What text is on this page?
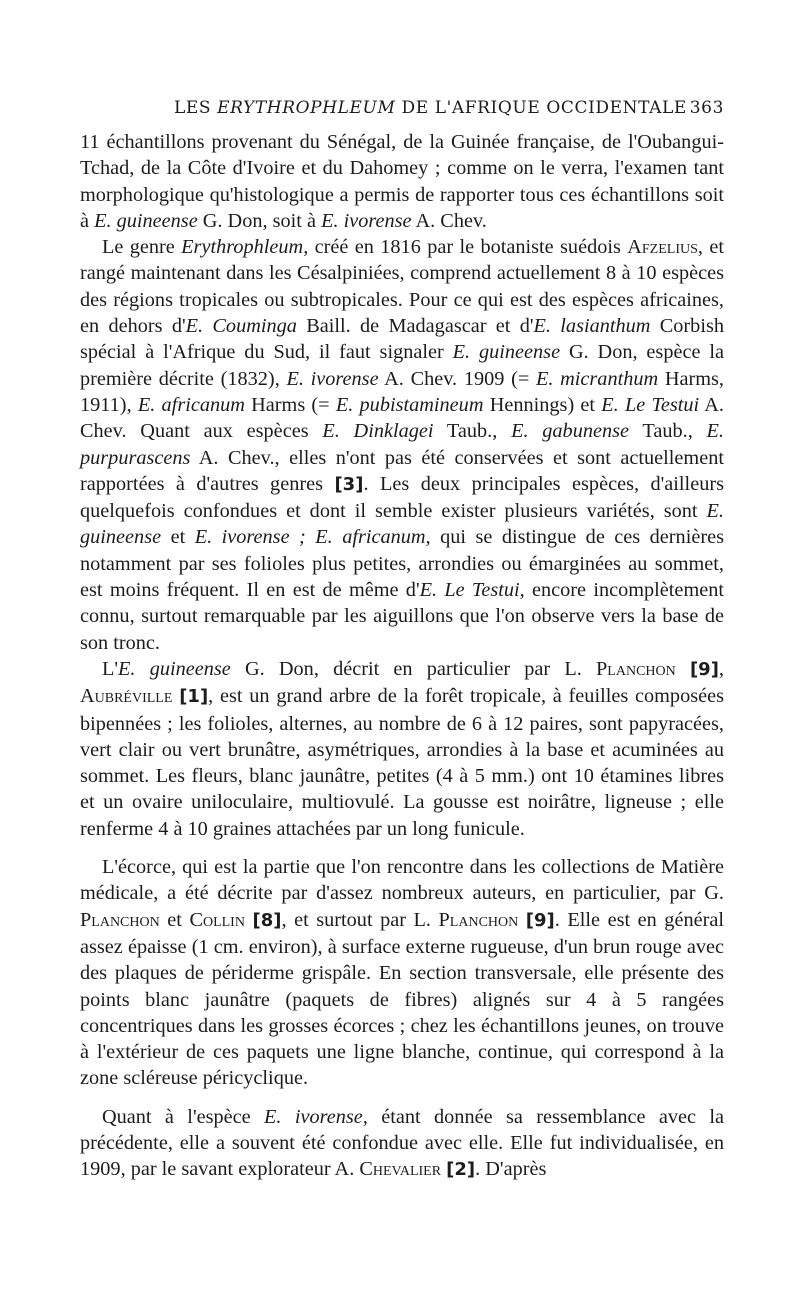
LES ERYTHROPHLEUM DE L'AFRIQUE OCCIDENTALE 363

11 échantillons provenant du Sénégal, de la Guinée française, de l'Oubangui-Tchad, de la Côte d'Ivoire et du Dahomey ; comme on le verra, l'examen tant morphologique qu'histologique a permis de rapporter tous ces échantillons soit à E. guineense G. Don, soit à E. ivorense A. Chev.

Le genre Erythrophleum, créé en 1816 par le botaniste suédois Afzelius, et rangé maintenant dans les Césalpiniées, comprend actuellement 8 à 10 espèces des régions tropicales ou subtropicales. Pour ce qui est des espèces africaines, en dehors d'E. Couminga Baill. de Madagascar et d'E. lasianthum Corbish spécial à l'Afrique du Sud, il faut signaler E. guineense G. Don, espèce la première décrite (1832), E. ivorense A. Chev. 1909 (= E. micranthum Harms, 1911), E. africanum Harms (= E. pubistamineum Hennings) et E. Le Testui A. Chev. Quant aux espèces E. Dinklagei Taub., E. gabunense Taub., E. purpurascens A. Chev., elles n'ont pas été conservées et sont actuellement rapportées à d'autres genres [3]. Les deux principales espèces, d'ailleurs quelquefois confondues et dont il semble exister plusieurs variétés, sont E. guineense et E. ivorense ; E. africanum, qui se distingue de ces dernières notamment par ses folioles plus petites, arrondies ou émarginées au sommet, est moins fréquent. Il en est de même d'E. Le Testui, encore incomplètement connu, surtout remarquable par les aiguillons que l'on observe vers la base de son tronc.

L'E. guineense G. Don, décrit en particulier par L. Planchon [9], Aubréville [1], est un grand arbre de la forêt tropicale, à feuilles composées bipennées ; les folioles, alternes, au nombre de 6 à 12 paires, sont papyracées, vert clair ou vert brunâtre, asymétriques, arrondies à la base et acuminées au sommet. Les fleurs, blanc jaunâtre, petites (4 à 5 mm.) ont 10 étamines libres et un ovaire uniloculaire, multiovulé. La gousse est noirâtre, ligneuse ; elle renferme 4 à 10 graines attachées par un long funicule.

L'écorce, qui est la partie que l'on rencontre dans les collections de Matière médicale, a été décrite par d'assez nombreux auteurs, en particulier, par G. Planchon et Collin [8], et surtout par L. Planchon [9]. Elle est en général assez épaisse (1 cm. environ), à surface externe rugueuse, d'un brun rouge avec des plaques de périderme grispâle. En section transversale, elle présente des points blanc jaunâtre (paquets de fibres) alignés sur 4 à 5 rangées concentriques dans les grosses écorces ; chez les échantillons jeunes, on trouve à l'extérieur de ces paquets une ligne blanche, continue, qui correspond à la zone scléreuse péricyclique.

Quant à l'espèce E. ivorense, étant donnée sa ressemblance avec la précédente, elle a souvent été confondue avec elle. Elle fut individualisée, en 1909, par le savant explorateur A. Chevalier [2]. D'après
